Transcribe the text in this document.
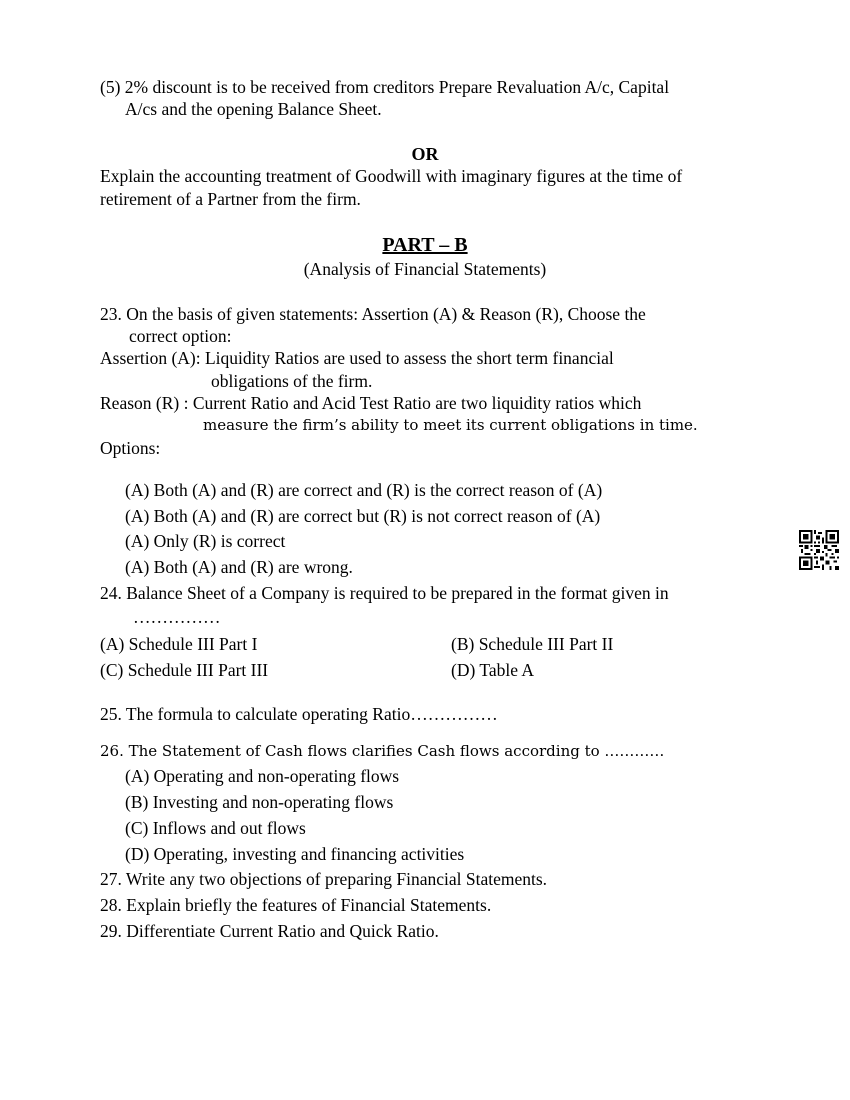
(5) 2% discount is to be received from creditors Prepare Revaluation A/c, Capital
A/cs and the opening Balance Sheet.
OR
Explain the accounting treatment of Goodwill with imaginary figures at the time of
retirement of a Partner from the firm.
PART – B
(Analysis of Financial Statements)
23. On the basis of given statements: Assertion (A) & Reason (R), Choose the
correct option:
Assertion (A): Liquidity Ratios are used to assess the short term financial
obligations of the firm.
Reason (R) : Current Ratio and Acid Test Ratio are two liquidity ratios which
measure the firm’s ability to meet its current obligations in time.
Options:
(A) Both (A) and (R) are correct and (R) is the correct reason of (A)
(A) Both (A) and (R) are correct but (R) is not correct reason of (A)
(A) Only (R) is correct
(A) Both (A) and (R) are wrong.
24. Balance Sheet of a Company is required to be prepared in the format given in
……………
(A) Schedule III Part I	(B) Schedule III Part II
(C) Schedule III Part III	(D) Table A
25. The formula to calculate operating Ratio……………
26. The Statement of Cash flows clarifies Cash flows according to …………
(A) Operating and non-operating flows
(B) Investing and non-operating flows
(C) Inflows and out flows
(D) Operating, investing and financing activities
27. Write any two objections of preparing Financial Statements.
28. Explain briefly the features of Financial Statements.
29. Differentiate Current Ratio and Quick Ratio.
